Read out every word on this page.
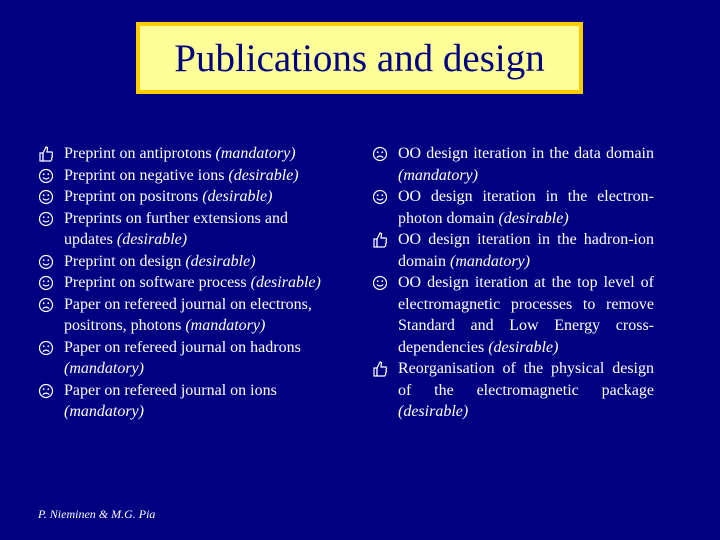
Publications and design
Preprint on antiprotons (mandatory)
Preprint on negative ions (desirable)
Preprint on positrons (desirable)
Preprints on further extensions and updates (desirable)
Preprint on design (desirable)
Preprint on software process (desirable)
Paper on refereed journal on electrons, positrons, photons (mandatory)
Paper on refereed journal on hadrons (mandatory)
Paper on refereed journal on ions (mandatory)
OO design iteration in the data domain (mandatory)
OO design iteration in the electron-photon domain (desirable)
OO design iteration in the hadron-ion domain (mandatory)
OO design iteration at the top level of electromagnetic processes to remove Standard and Low Energy cross-dependencies (desirable)
Reorganisation of the physical design of the electromagnetic package (desirable)
P. Nieminen & M.G. Pia
